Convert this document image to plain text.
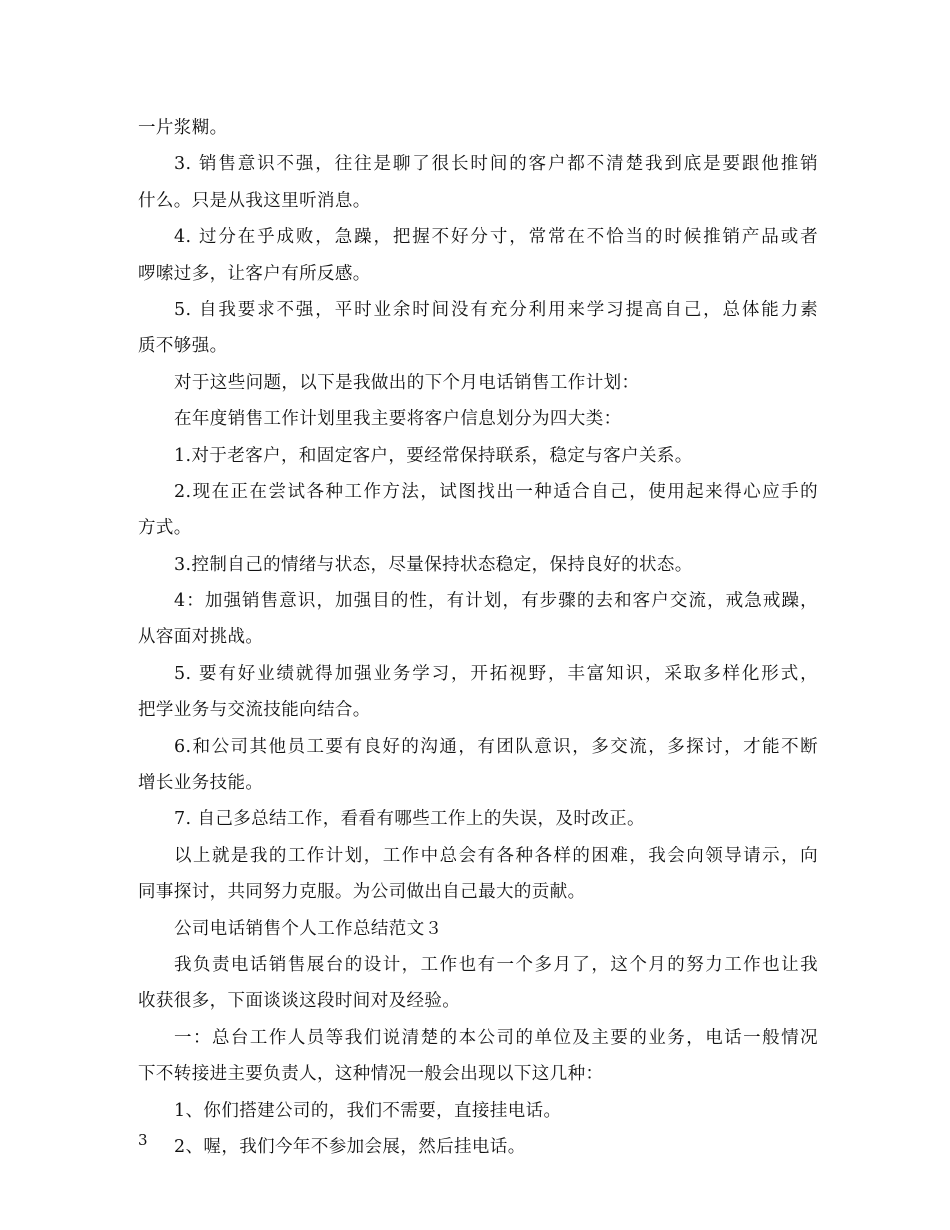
一片浆糊。
3. 销售意识不强，往往是聊了很长时间的客户都不清楚我到底是要跟他推销
什么。只是从我这里听消息。
4. 过分在乎成败，急躁，把握不好分寸，常常在不恰当的时候推销产品或者
啰嗦过多，让客户有所反感。
5. 自我要求不强，平时业余时间没有充分利用来学习提高自己，总体能力素
质不够强。
对于这些问题，以下是我做出的下个月电话销售工作计划：
在年度销售工作计划里我主要将客户信息划分为四大类：
1.对于老客户，和固定客户，要经常保持联系，稳定与客户关系。
2.现在正在尝试各种工作方法，试图找出一种适合自己，使用起来得心应手的
方式。
3.控制自己的情绪与状态，尽量保持状态稳定，保持良好的状态。
4：加强销售意识，加强目的性，有计划，有步骤的去和客户交流，戒急戒躁，
从容面对挑战。
5. 要有好业绩就得加强业务学习，开拓视野，丰富知识，采取多样化形式，
把学业务与交流技能向结合。
6.和公司其他员工要有良好的沟通，有团队意识，多交流，多探讨，才能不断
增长业务技能。
7. 自己多总结工作，看看有哪些工作上的失误，及时改正。
以上就是我的工作计划，工作中总会有各种各样的困难，我会向领导请示，向
同事探讨，共同努力克服。为公司做出自己最大的贡献。
公司电话销售个人工作总结范文３
我负责电话销售展台的设计，工作也有一个多月了，这个月的努力工作也让我
收获很多，下面谈谈这段时间对及经验。
一：总台工作人员等我们说清楚的本公司的单位及主要的业务，电话一般情况
下不转接进主要负责人，这种情况一般会出现以下这几种：
1、你们搭建公司的，我们不需要，直接挂电话。
2、喔，我们今年不参加会展，然后挂电话。
3
